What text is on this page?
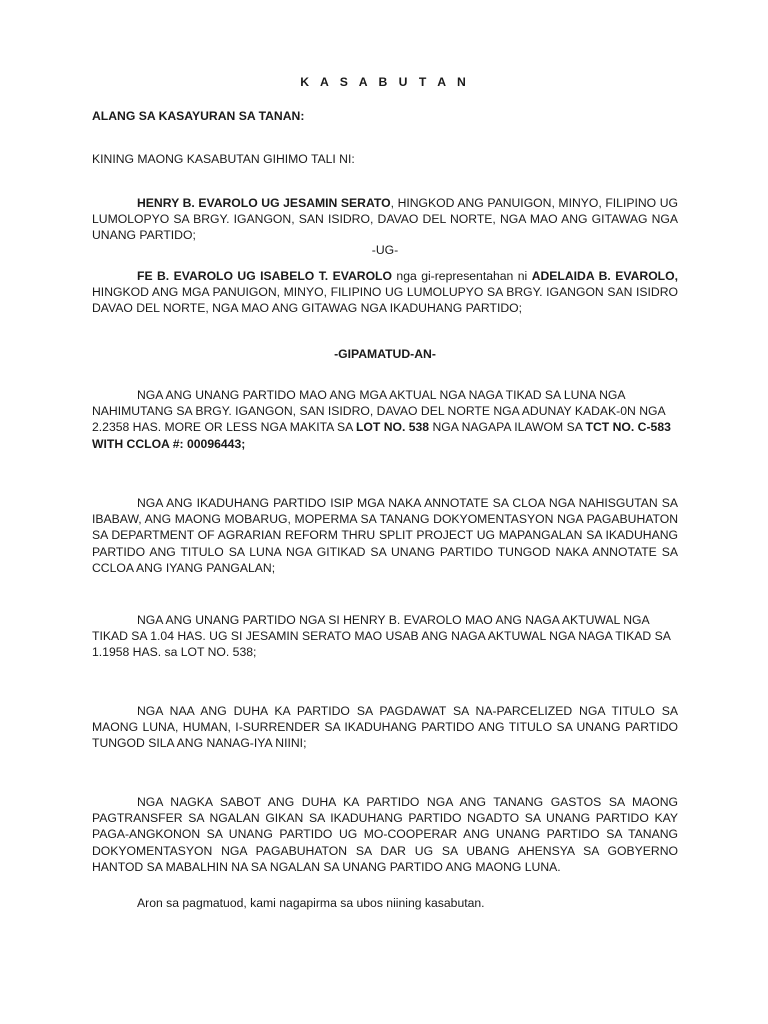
K A S A B U T A N

ALANG SA KASAYURAN SA TANAN:

KINING MAONG KASABUTAN GIHIMO TALI NI:

HENRY B. EVAROLO UG JESAMIN SERATO, HINGKOD ANG PANUIGON, MINYO, FILIPINO UG LUMOLOPYO SA BRGY. IGANGON, SAN ISIDRO, DAVAO DEL NORTE, NGA MAO ANG GITAWAG NGA UNANG PARTIDO;

-UG-

FE B. EVAROLO UG ISABELO T. EVAROLO nga gi-representahan ni ADELAIDA B. EVAROLO, HINGKOD ANG MGA PANUIGON, MINYO, FILIPINO UG LUMOLUPYO SA BRGY. IGANGON SAN ISIDRO DAVAO DEL NORTE, NGA MAO ANG GITAWAG NGA IKADUHANG PARTIDO;

-GIPAMATUD-AN-

NGA ANG UNANG PARTIDO MAO ANG MGA AKTUAL NGA NAGA TIKAD SA LUNA NGA NAHIMUTANG SA BRGY. IGANGON, SAN ISIDRO, DAVAO DEL NORTE NGA ADUNAY KADAK-0N NGA 2.2358 HAS. MORE OR LESS NGA MAKITA SA LOT NO. 538 NGA NAGAPA ILAWOM SA TCT NO. C-583 WITH CCLOA #: 00096443;

NGA ANG IKADUHANG PARTIDO ISIP MGA NAKA ANNOTATE SA CLOA NGA NAHISGUTAN SA IBABAW, ANG MAONG MOBARUG, MOPERMA SA TANANG DOKYOMENTASYON NGA PAGABUHATON SA DEPARTMENT OF AGRARIAN REFORM THRU SPLIT PROJECT UG MAPANGALAN SA IKADUHANG PARTIDO ANG TITULO SA LUNA NGA GITIKAD SA UNANG PARTIDO TUNGOD NAKA ANNOTATE SA CCLOA ANG IYANG PANGALAN;

NGA ANG UNANG PARTIDO NGA SI HENRY B. EVAROLO MAO ANG NAGA AKTUWAL NGA TIKAD SA 1.04 HAS. UG SI JESAMIN SERATO MAO USAB ANG NAGA AKTUWAL NGA NAGA TIKAD SA 1.1958 HAS. sa LOT NO. 538;

NGA NAA ANG DUHA KA PARTIDO SA PAGDAWAT SA NA-PARCELIZED NGA TITULO SA MAONG LUNA, HUMAN, I-SURRENDER SA IKADUHANG PARTIDO ANG TITULO SA UNANG PARTIDO TUNGOD SILA ANG NANAG-IYA NIINI;

NGA NAGKA SABOT ANG DUHA KA PARTIDO NGA ANG TANANG GASTOS SA MAONG PAGTRANSFER SA NGALAN GIKAN SA IKADUHANG PARTIDO NGADTO SA UNANG PARTIDO KAY PAGA-ANGKONON SA UNANG PARTIDO UG MO-COOPERAR ANG UNANG PARTIDO SA TANANG DOKYOMENTASYON NGA PAGABUHATON SA DAR UG SA UBANG AHENSYA SA GOBYERNO HANTOD SA MABALHIN NA SA NGALAN SA UNANG PARTIDO ANG MAONG LUNA.

Aron sa pagmatuod, kami nagapirma sa ubos niining kasabutan.
